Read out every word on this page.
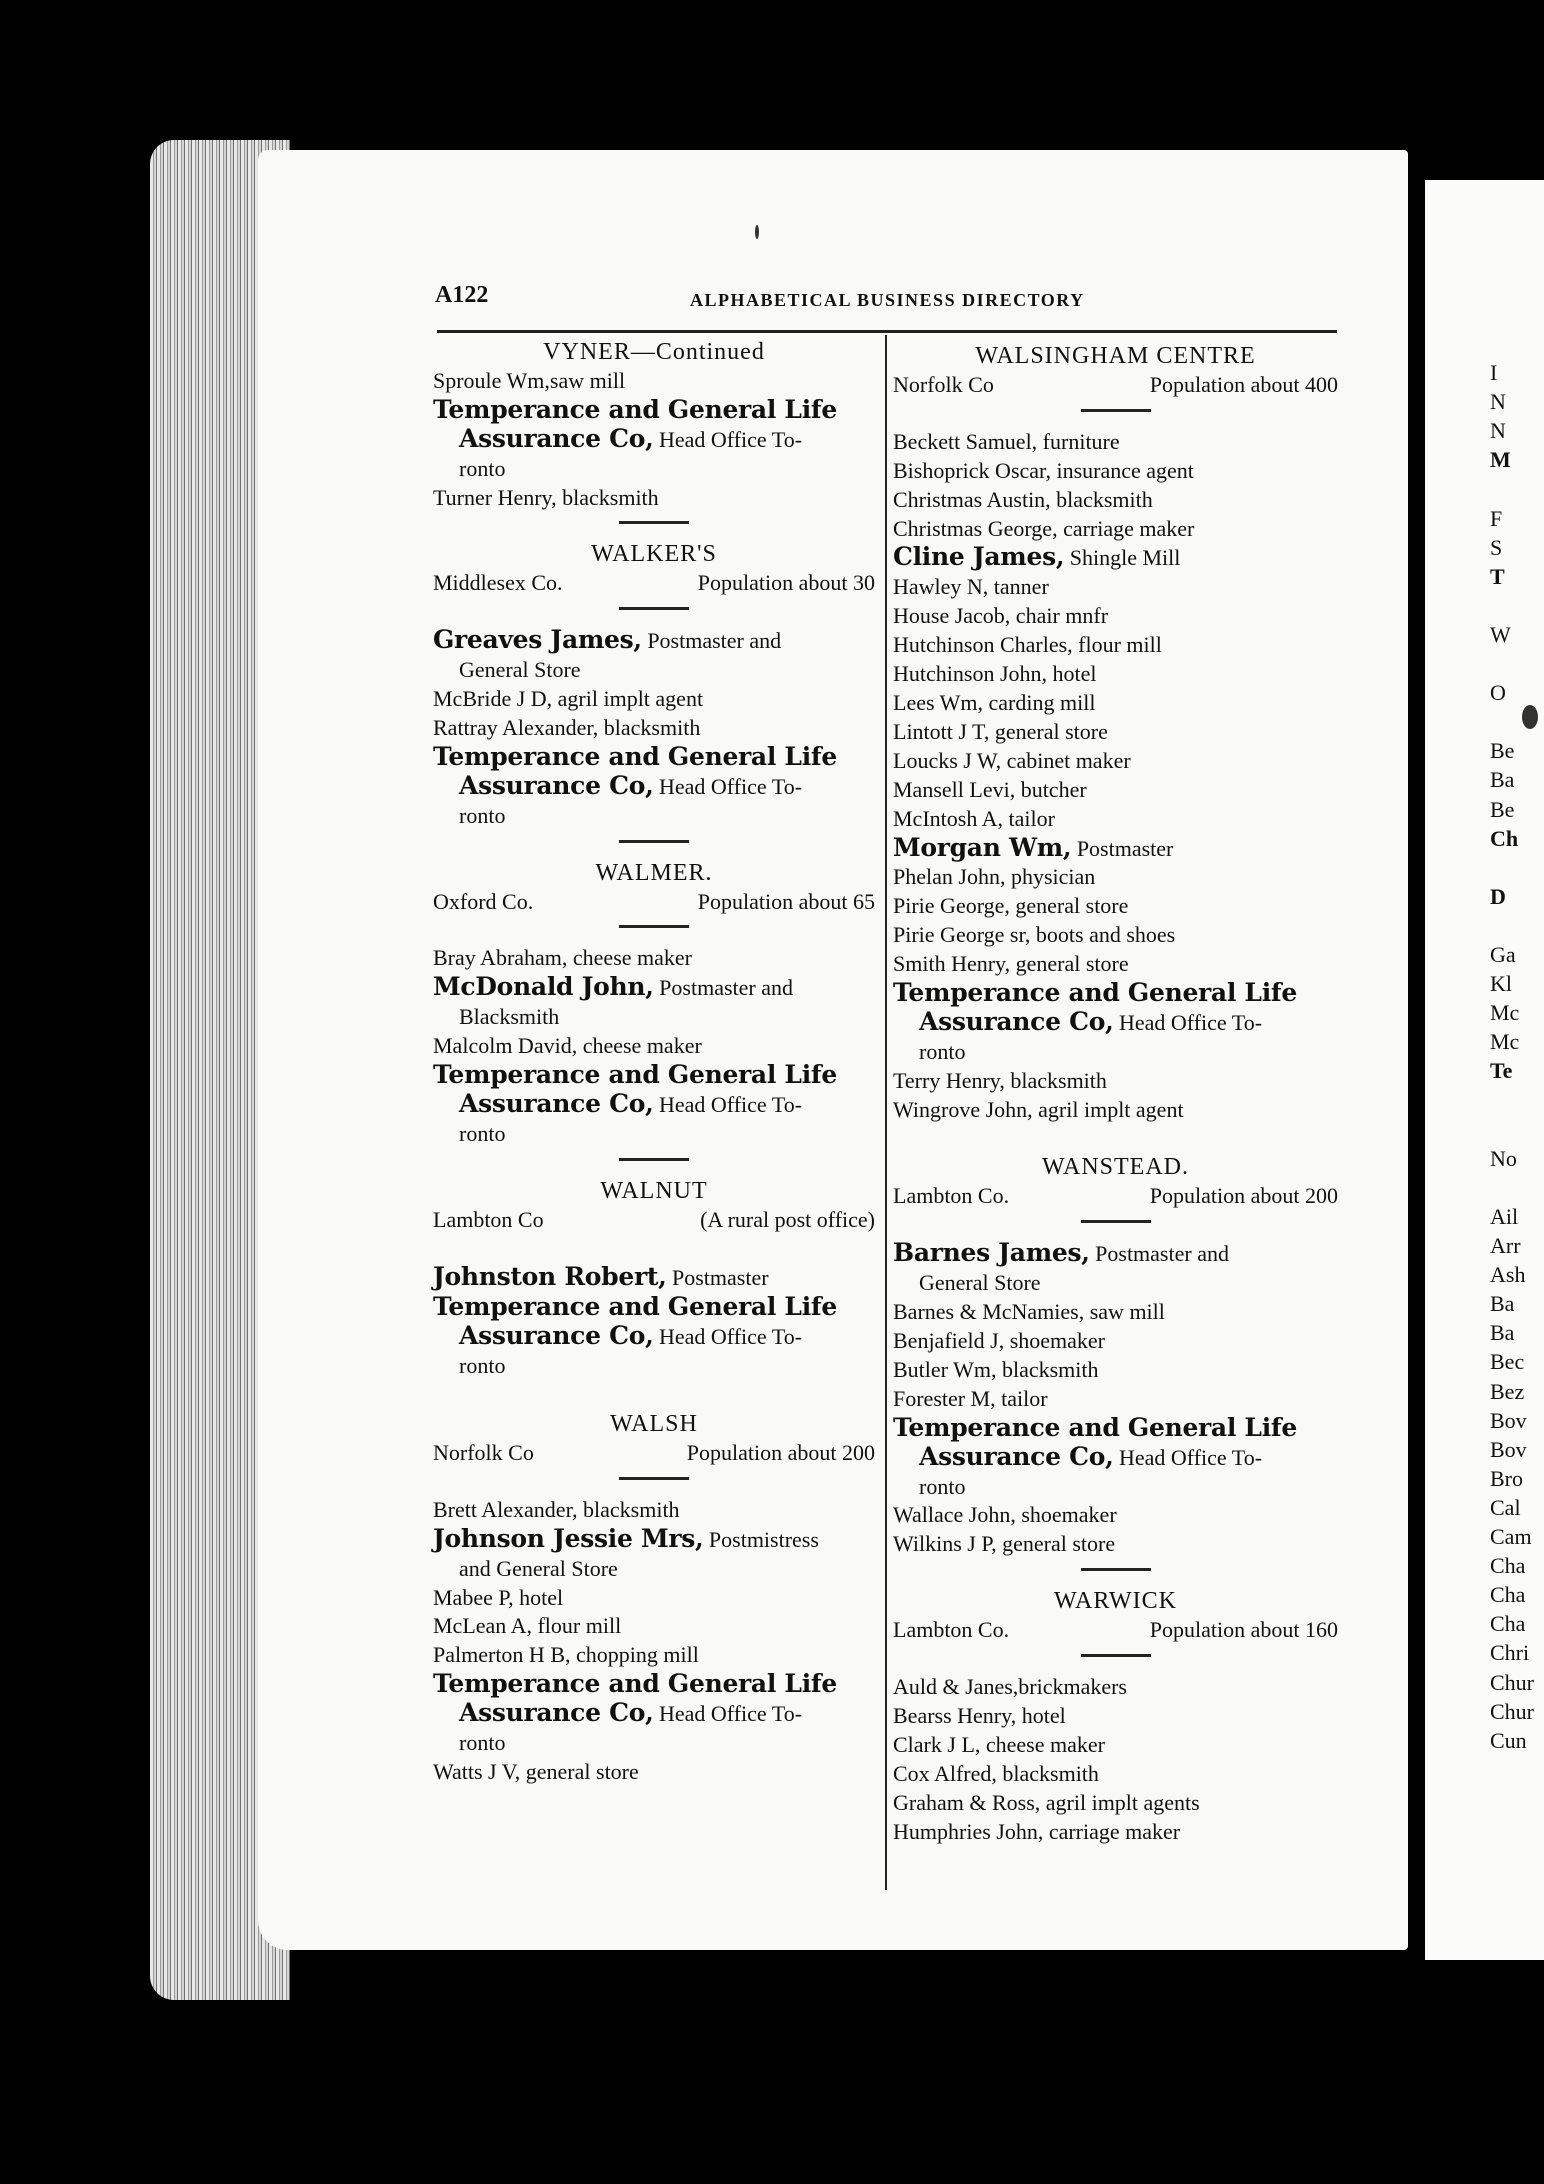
A122	ALPHABETICAL BUSINESS DIRECTORY
VYNER—Continued
Sproule Wm,saw mill
Temperance and General Life
Assurance Co, Head Office To-
ronto
Turner Henry, blacksmith
WALKER'S
Middlesex Co.	Population about 30
Greaves James, Postmaster and
General Store
McBride J D, agril implt agent
Rattray Alexander, blacksmith
Temperance and General Life
Assurance Co, Head Office To-
ronto
WALMER.
Oxford Co.	Population about 65
Bray Abraham, cheese maker
McDonald John, Postmaster and
Blacksmith
Malcolm David, cheese maker
Temperance and General Life
Assurance Co, Head Office To-
ronto
WALNUT
Lambton Co	(A rural post office)
Johnston Robert, Postmaster
Temperance and General Life
Assurance Co, Head Office To-
ronto
WALSH
Norfolk Co	Population about 200
Brett Alexander, blacksmith
Johnson Jessie Mrs, Postmistress
and General Store
Mabee P, hotel
McLean A, flour mill
Palmerton H B, chopping mill
Temperance and General Life
Assurance Co, Head Office To-
ronto
Watts J V, general store
WALSINGHAM CENTRE
Norfolk Co	Population about 400
Beckett Samuel, furniture
Bishoprick Oscar, insurance agent
Christmas Austin, blacksmith
Christmas George, carriage maker
Cline James, Shingle Mill
Hawley N, tanner
House Jacob, chair mnfr
Hutchinson Charles, flour mill
Hutchinson John, hotel
Lees Wm, carding mill
Lintott J T, general store
Loucks J W, cabinet maker
Mansell Levi, butcher
McIntosh A, tailor
Morgan Wm, Postmaster
Phelan John, physician
Pirie George, general store
Pirie George sr, boots and shoes
Smith Henry, general store
Temperance and General Life
Assurance Co, Head Office To-
ronto
Terry Henry, blacksmith
Wingrove John, agril implt agent
WANSTEAD.
Lambton Co.	Population about 200
Barnes James, Postmaster and
General Store
Barnes & McNamies, saw mill
Benjafield J, shoemaker
Butler Wm, blacksmith
Forester M, tailor
Temperance and General Life
Assurance Co, Head Office To-
ronto
Wallace John, shoemaker
Wilkins J P, general store
WARWICK
Lambton Co.	Population about 160
Auld & Janes,brickmakers
Bearss Henry, hotel
Clark J L, cheese maker
Cox Alfred, blacksmith
Graham & Ross, agril implt agents
Humphries John, carriage maker
I
N
N
M
F
S
T
W
O
Be
Ba
Be
Ch
D
Ga
Kl
Mc
Mc
Te
No
Ail
Arr
Ash
Ba
Ba
Bec
Bez
Bov
Bov
Bro
Cal
Cam
Cha
Cha
Cha
Chri
Chur
Chur
Cun
